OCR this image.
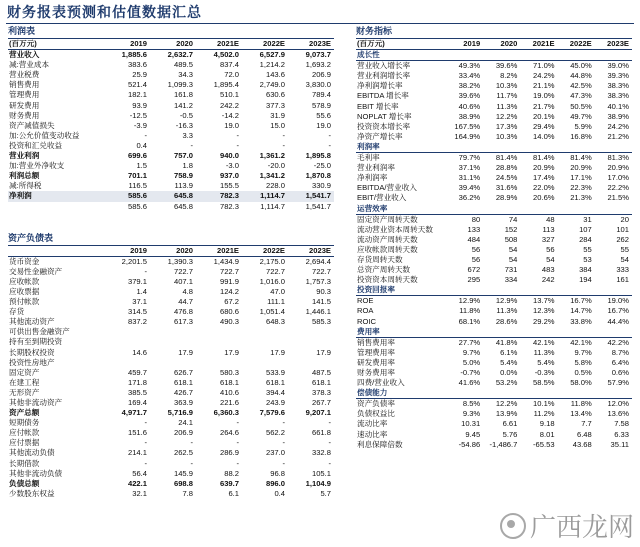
财务报表预测和估值数据汇总
利润表
(百万元)	2019	2020	2021E	2022E	2023E
营业收入	1,885.6	2,632.7	4,502.0	6,527.9	9,073.7
减:营业成本	383.6	489.5	837.4	1,214.2	1,693.2
营业税费	25.9	34.3	72.0	143.6	206.9
销售费用	521.4	1,099.3	1,895.4	2,749.0	3,830.0
管理费用	182.1	161.8	510.1	630.6	789.4
研发费用	93.9	141.2	242.2	377.3	578.9
财务费用	-12.5	-0.5	-14.2	31.9	55.6
资产减值损失	-3.9	-16.3	19.0	15.0	19.0
加:公允价值变动收益	-	3.3	-	-	-
投资和汇兑收益	0.4	-	-	-	-
营业利润	699.6	757.0	940.0	1,361.2	1,895.8
加:营业外净收支	1.5	1.8	-3.0	-20.0	-25.0
利润总额	701.1	758.9	937.0	1,341.2	1,870.8
减:所得税	116.5	113.9	155.5	228.0	330.9
净利润	585.6	645.8	782.3	1,114.7	1,541.7
	585.6	645.8	782.3	1,114.7	1,541.7
资产负债表
	2019	2020	2021E	2022E	2023E
货币资金	2,201.5	1,390.3	1,434.9	2,175.0	2,694.4
交易性金融资产	-	722.7	722.7	722.7	722.7
应收帐款	379.1	407.1	991.9	1,016.0	1,757.3
应收票据	1.4	4.8	124.2	47.0	90.3
预付帐款	37.1	44.7	67.2	111.1	141.5
存货	314.5	476.8	680.6	1,051.4	1,446.1
其他流动资产	837.2	617.3	490.3	648.3	585.3
可供出售金融资产					
持有至到期投资					
长期股权投资	14.6	17.9	17.9	17.9	17.9
投资性房地产					
固定资产	459.7	626.7	580.3	533.9	487.5
在建工程	171.8	618.1	618.1	618.1	618.1
无形资产	385.5	426.7	410.6	394.4	378.3
其他非流动资产	169.4	363.9	221.6	243.9	267.7
资产总额	4,971.7	5,716.9	6,360.3	7,579.6	9,207.1
短期债务	-	24.1	-	-	-
应付帐款	151.6	206.9	264.6	562.2	661.8
应付票据	-	-	-	-	-
其他流动负债	214.1	262.5	286.9	237.0	332.8
长期借款	-	-	-	-	-
其他非流动负债	56.4	145.9	88.2	96.8	105.1
负债总额	422.1	698.8	639.7	896.0	1,104.9
少数股东权益	32.1	7.8	6.1	0.4	5.7
财务指标
(百万元)	2019	2020	2021E	2022E	2023E
成长性					
营业收入增长率	49.3%	39.6%	71.0%	45.0%	39.0%
营业利润增长率	33.4%	8.2%	24.2%	44.8%	39.3%
净利润增长率	38.2%	10.3%	21.1%	42.5%	38.3%
EBITDA 增长率	39.6%	11.7%	19.0%	47.3%	38.3%
EBIT 增长率	40.6%	11.3%	21.7%	50.5%	40.1%
NOPLAT 增长率	38.9%	12.2%	20.1%	49.7%	38.9%
投资资本增长率	167.5%	17.3%	29.4%	5.9%	24.2%
净资产增长率	164.9%	10.3%	14.0%	16.8%	21.2%
利润率					
毛利率	79.7%	81.4%	81.4%	81.4%	81.3%
营业利润率	37.1%	28.8%	20.9%	20.9%	20.9%
净利润率	31.1%	24.5%	17.4%	17.1%	17.0%
EBITDA/营业收入	39.4%	31.6%	22.0%	22.3%	22.2%
EBIT/营业收入	36.2%	28.9%	20.6%	21.3%	21.5%
运营效率					
固定资产周转天数	80	74	48	31	20
流动营业资本周转天数	133	152	113	107	101
流动资产周转天数	484	508	327	284	262
应收帐款周转天数	56	54	56	55	55
存货周转天数	56	54	54	53	54
总资产周转天数	672	731	483	384	333
投资资本周转天数	295	334	242	194	161
投资回报率					
ROE	12.9%	12.9%	13.7%	16.7%	19.0%
ROA	11.8%	11.3%	12.3%	14.7%	16.7%
ROIC	68.1%	28.6%	29.2%	33.8%	44.4%
费用率					
销售费用率	27.7%	41.8%	42.1%	42.1%	42.2%
管理费用率	9.7%	6.1%	11.3%	9.7%	8.7%
研发费用率	5.0%	5.4%	5.4%	5.8%	6.4%
财务费用率	-0.7%	0.0%	-0.3%	0.5%	0.6%
四费/营业收入	41.6%	53.2%	58.5%	58.0%	57.9%
偿债能力					
资产负债率	8.5%	12.2%	10.1%	11.8%	12.0%
负债权益比	9.3%	13.9%	11.2%	13.4%	13.6%
流动比率	10.31	6.61	9.18	7.7	7.58
速动比率	9.45	5.76	8.01	6.48	6.33
利息保障倍数	-54.86	-1,486.7	-65.53	43.68	35.11
广西龙网
